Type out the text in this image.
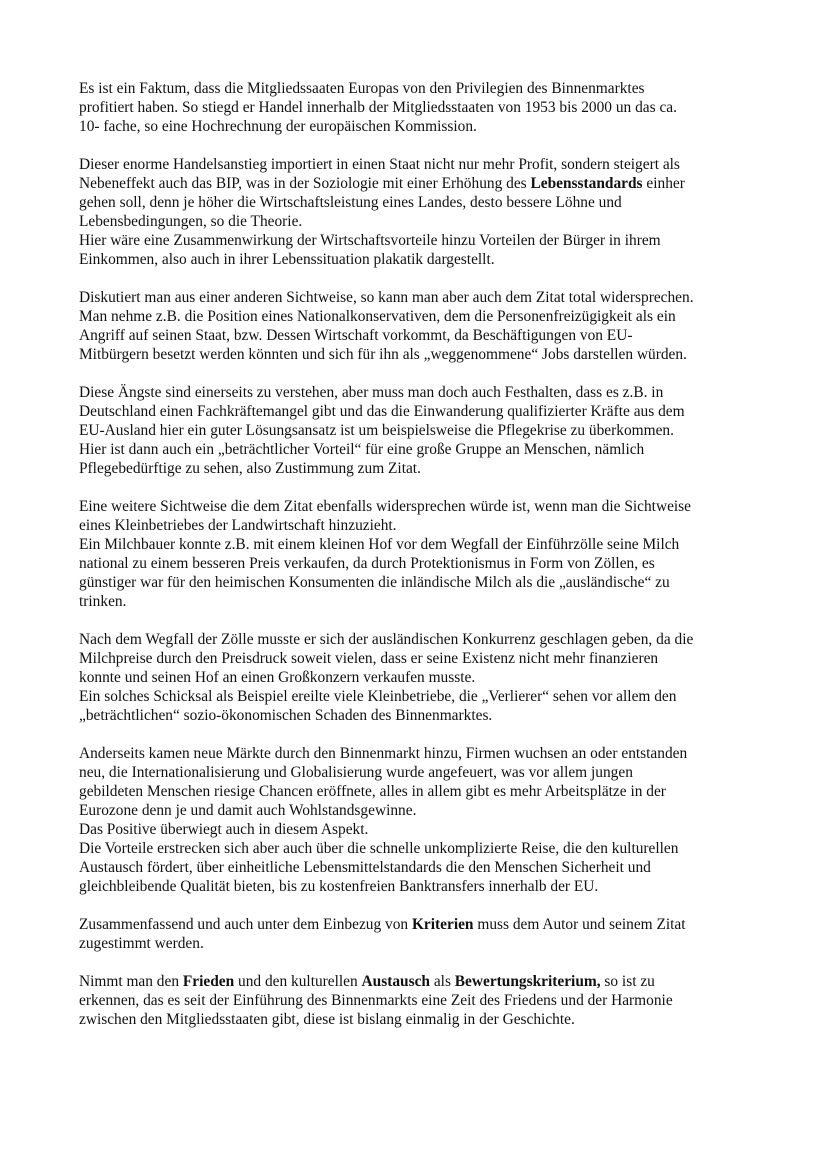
Es ist ein Faktum, dass die Mitgliedssaaten Europas von den Privilegien des Binnenmarktes
profitiert haben. So stiegd er Handel innerhalb der Mitgliedsstaaten von 1953 bis 2000 un das ca.
10- fache, so eine Hochrechnung der europäischen Kommission.

Dieser enorme Handelsanstieg importiert in einen Staat nicht nur mehr Profit, sondern steigert als
Nebeneffekt auch das BIP, was in der Soziologie mit einer Erhöhung des Lebensstandards einher
gehen soll, denn je höher die Wirtschaftsleistung eines Landes, desto bessere Löhne und
Lebensbedingungen, so die Theorie.

Hier wäre eine Zusammenwirkung der Wirtschaftsvorteile hinzu Vorteilen der Bürger in ihrem
Einkommen, also auch in ihrer Lebenssituation plakatik dargestellt.

Diskutiert man aus einer anderen Sichtweise, so kann man aber auch dem Zitat total widersprechen.
Man nehme z.B. die Position eines Nationalkonservativen, dem die Personenfreizügigkeit als ein
Angriff auf seinen Staat, bzw. Dessen Wirtschaft vorkommt, da Beschäftigungen von EU-
Mitbürgern besetzt werden könnten und sich für ihn als „weggenommene“ Jobs darstellen würden.

Diese Ängste sind einerseits zu verstehen, aber muss man doch auch Festhalten, dass es z.B. in
Deutschland einen Fachkräftemangel gibt und das die Einwanderung qualifizierter Kräfte aus dem
EU-Ausland hier ein guter Lösungsansatz ist um beispielsweise die Pflegekrise zu überkommen.
Hier ist dann auch ein „beträchtlicher Vorteil“ für eine große Gruppe an Menschen, nämlich
Pflegebedürftige zu sehen, also Zustimmung zum Zitat.

Eine weitere Sichtweise die dem Zitat ebenfalls widersprechen würde ist, wenn man die Sichtweise
eines Kleinbetriebes der Landwirtschaft hinzuzieht.

Ein Milchbauer konnte z.B. mit einem kleinen Hof vor dem Wegfall der Einführzölle seine Milch
national zu einem besseren Preis verkaufen, da durch Protektionismus in Form von Zöllen, es
günstiger war für den heimischen Konsumenten die inländische Milch als die „ausländische“ zu
trinken.

Nach dem Wegfall der Zölle musste er sich der ausländischen Konkurrenz geschlagen geben, da die
Milchpreise durch den Preisdruck soweit vielen, dass er seine Existenz nicht mehr finanzieren
konnte und seinen Hof an einen Großkonzern verkaufen musste.

Ein solches Schicksal als Beispiel ereilte viele Kleinbetriebe, die „Verlierer“ sehen vor allem den
„beträchtlichen“ sozio-ökonomischen Schaden des Binnenmarktes.

Anderseits kamen neue Märkte durch den Binnenmarkt hinzu, Firmen wuchsen an oder entstanden
neu, die Internationalisierung und Globalisierung wurde angefeuert, was vor allem jungen
gebildeten Menschen riesige Chancen eröffnete, alles in allem gibt es mehr Arbeitsplätze in der
Eurozone denn je und damit auch Wohlstandsgewinne.

Das Positive überwiegt auch in diesem Aspekt.

Die Vorteile erstrecken sich aber auch über die schnelle unkomplizierte Reise, die den kulturellen
Austausch fördert, über einheitliche Lebensmittelstandards die den Menschen Sicherheit und
gleichbleibende Qualität bieten, bis zu kostenfreien Banktransfers innerhalb der EU.

Zusammenfassend und auch unter dem Einbezug von Kriterien muss dem Autor und seinem Zitat
zugestimmt werden.

Nimmt man den Frieden und den kulturellen Austausch als Bewertungskriterium, so ist zu
erkennen, das es seit der Einführung des Binnenmarkts eine Zeit des Friedens und der Harmonie
zwischen den Mitgliedsstaaten gibt, diese ist bislang einmalig in der Geschichte.
